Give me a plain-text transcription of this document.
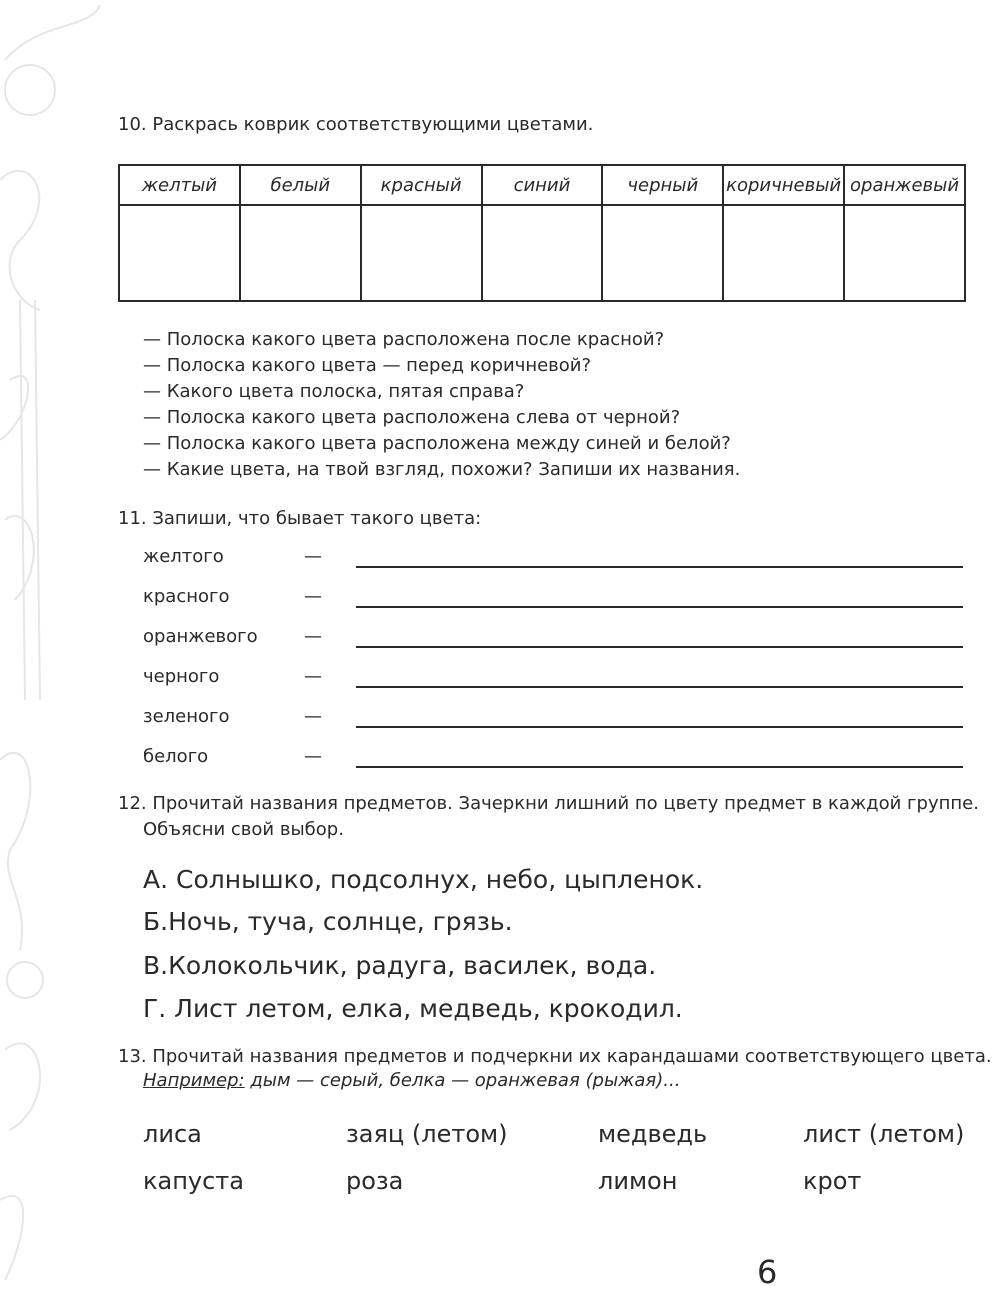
10. Раскрась коврик соответствующими цветами.
желтый	белый	красный	синий	черный	коричневый	оранжевый

— Полоска какого цвета расположена после красной?
— Полоска какого цвета — перед коричневой?
— Какого цвета полоска, пятая справа?
— Полоска какого цвета расположена слева от черной?
— Полоска какого цвета расположена между синей и белой?
— Какие цвета, на твой взгляд, похожи? Запиши их названия.
11. Запиши, что бывает такого цвета:
желтого	—
красного	—
оранжевого	—
черного	—
зеленого	—
белого	—
12. Прочитай названия предметов. Зачеркни лишний по цвету предмет в каждой группе.
Объясни свой выбор.
А. Солнышко, подсолнух, небо, цыпленок.
Б.Ночь, туча, солнце, грязь.
В.Колокольчик, радуга, василек, вода.
Г. Лист летом, елка, медведь, крокодил.
13. Прочитай названия предметов и подчеркни их карандашами соответствующего цвета.
Например: дым — серый, белка — оранжевая (рыжая)...
лиса	заяц (летом)	медведь	лист (летом)
капуста	роза	лимон	крот
6
